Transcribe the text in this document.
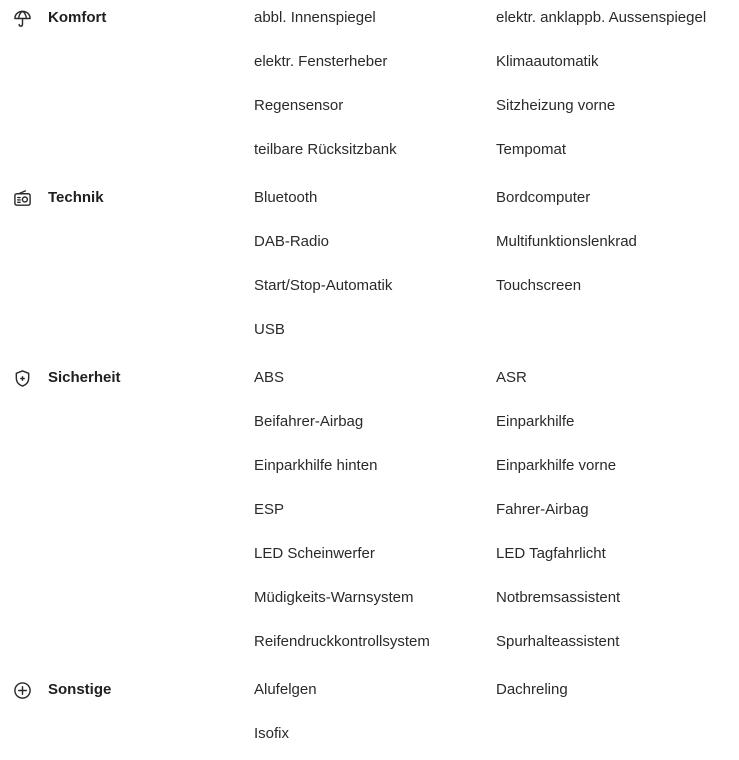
Komfort	abbl. Innenspiegel	elektr. anklappb. Aussenspiegel
elektr. Fensterheber	Klimaautomatik
Regensensor	Sitzheizung vorne
teilbare Rücksitzbank	Tempomat
Technik	Bluetooth	Bordcomputer
DAB-Radio	Multifunktionslenkrad
Start/Stop-Automatik	Touchscreen
USB
Sicherheit	ABS	ASR
Beifahrer-Airbag	Einparkhilfe
Einparkhilfe hinten	Einparkhilfe vorne
ESP	Fahrer-Airbag
LED Scheinwerfer	LED Tagfahrlicht
Müdigkeits-Warnsystem	Notbremsassistent
Reifendruckkontrollsystem	Spurhalteassistent
Sonstige	Alufelgen	Dachreling
Isofix
